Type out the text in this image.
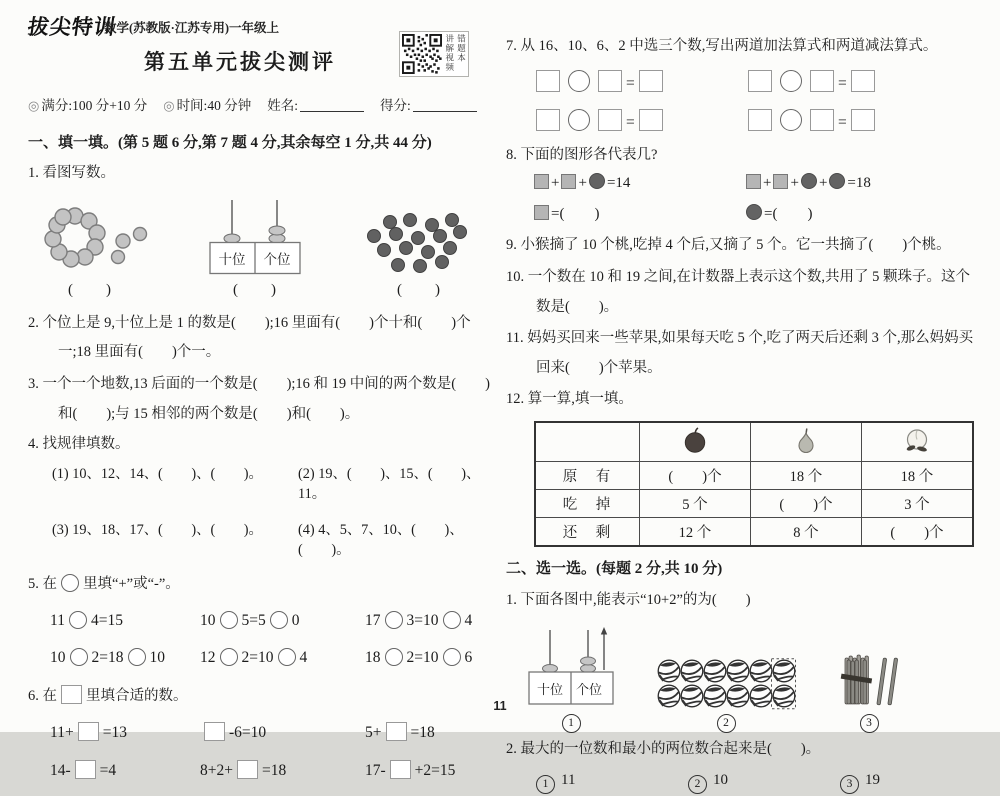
拔尖特训
数学(苏教版·江苏专用)一年级上
第五单元拔尖测评	讲解视频 错题本
◎ 满分:100 分+10 分 ◎ 时间:40 分钟 姓名:	得分:
一、填一填。(第 5 题 6 分,第 7 题 4 分,其余每空 1 分,共 44 分)
1. 看图写数。
(　　)
十位 个位
(　　)	(　　)
2. 个位上是 9,十位上是 1 的数是(　　);16 里面有(　　)个十和(　　)个一;18 里面有(　　)个一。
3. 一个一个地数,13 后面的一个数是(　　);16 和 19 中间的两个数是(　　)和(　　);与 15 相邻的两个数是(　　)和(　　)。
4. 找规律填数。
(1) 10、12、14、(　　)、(　　)。	(2) 19、(　　)、15、(　　)、11。
(3) 19、18、17、(　　)、(　　)。	(4) 4、5、7、10、(　　)、(　　)。
5. 在 里填“+”或“-”。
11 4=15	10 5=5 0	17 3=10 4
10 2=18 10	12 2=10 4	18 2=10 6
6. 在 里填合适的数。
11+ =13	-6=10	5+ =18
14- =4	8+2+ =18	17- +2=15
7. 从 16、10、6、2 中选三个数,写出两道加法算式和两道减法算式。
=	=
=	=
8. 下面的图形各代表几?
+ + =14	+ + + =18
=(　　 )	=(　　 )
9. 小猴摘了 10 个桃,吃掉 4 个后,又摘了 5 个。它一共摘了(　　)个桃。
10. 一个数在 10 和 19 之间,在计数器上表示这个数,共用了 5 颗珠子。这个数是(　　)。
11. 妈妈买回来一些苹果,如果每天吃 5 个,吃了两天后还剩 3 个,那么妈妈买回来(　　)个苹果。
12. 算一算,填一填。

原　有	(　　)个	18 个	18 个
吃　掉	5 个	(　　)个	3 个
还　剩	12 个	8 个	(　　)个
二、选一选。(每题 2 分,共 10 分)
1. 下面各图中,能表示“10+2”的为(　　)
十位 个位
1	2	3
2. 最大的一位数和最小的两位数合起来是(　　)。
1 11	2 10	3 19
11
